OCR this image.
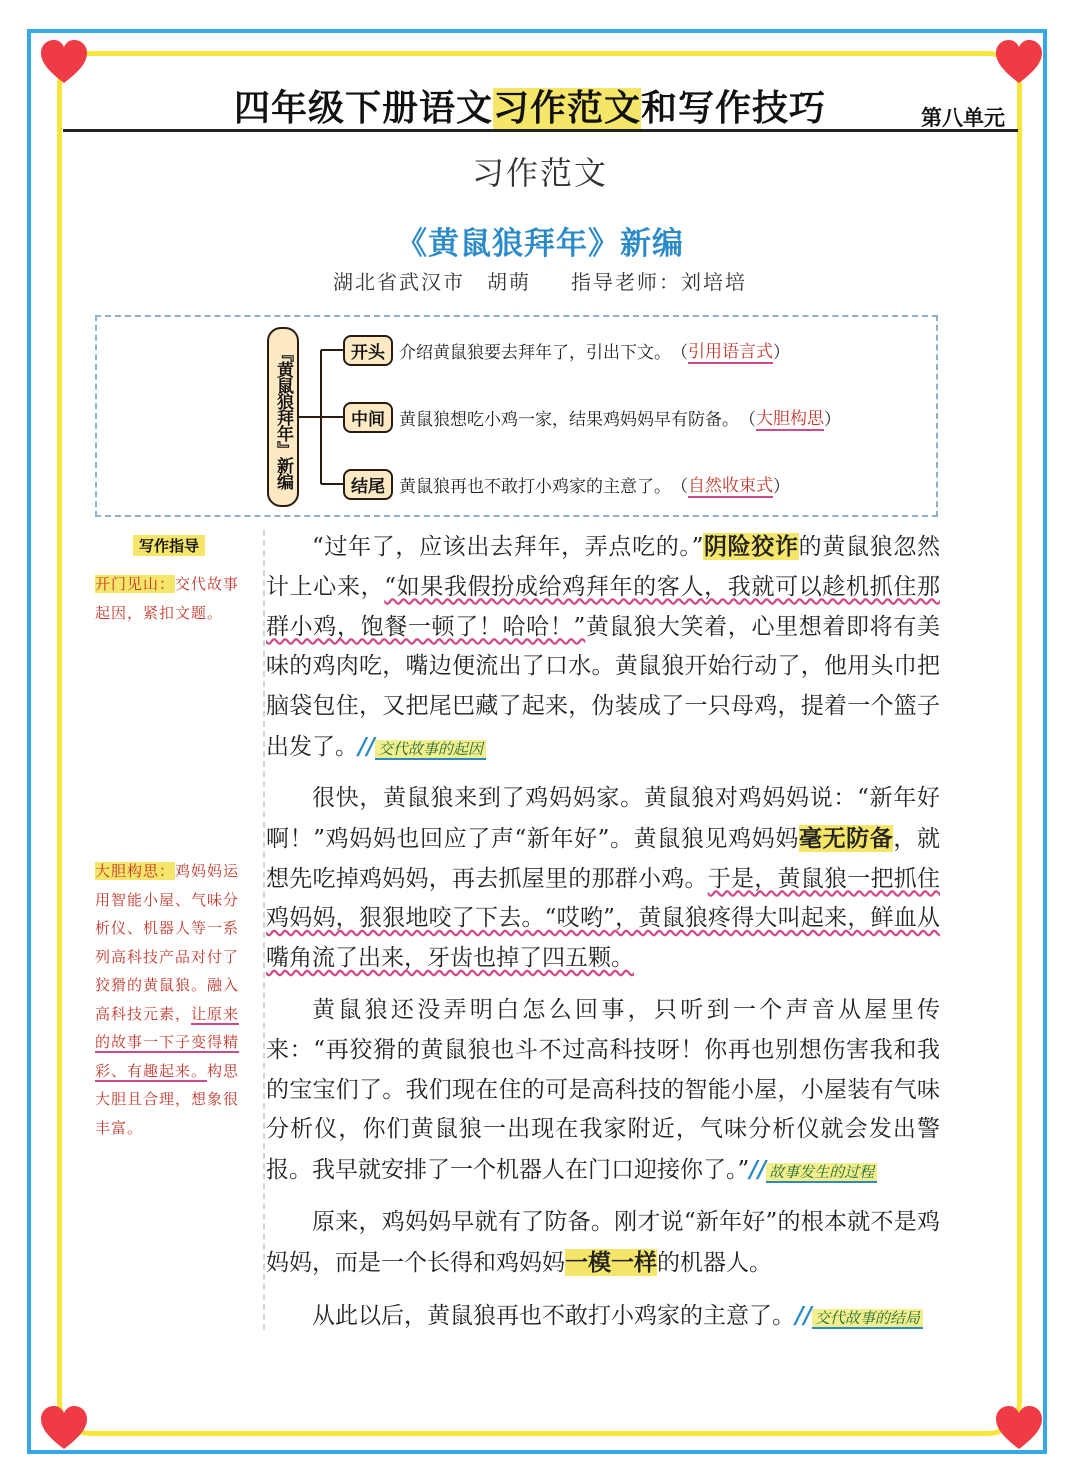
四年级下册语文习作范文和写作技巧	第八单元
习作范文
《黄鼠狼拜年》新编
湖北省武汉市　胡萌 指导老师：刘培培
『黄鼠狼拜年』新编	开头 介绍黄鼠狼要去拜年了，引出下文。 （ 引用语言式 ）
中间 黄鼠狼想吃小鸡一家，结果鸡妈妈早有防备。 （ 大胆构思 ）
结尾 黄鼠狼再也不敢打小鸡家的主意了。 （ 自然收束式 ）
写作指导
开门见山：交代故事起因，紧扣文题。
大胆构思：鸡妈妈运用智能小屋、气味分析仪、机器人等一系列高科技产品对付了狡猾的黄鼠狼。融入高科技元素，让原来的故事一下子变得精彩、有趣起来。构思大胆且合理，想象很丰富。
“过年了，应该出去拜年，弄点吃的。”阴险狡诈的黄鼠狼忽然计上心来，“如果我假扮成给鸡拜年的客人，我就可以趁机抓住那群小鸡，饱餐一顿了！哈哈！”黄鼠狼大笑着，心里想着即将有美味的鸡肉吃，嘴边便流出了口水。黄鼠狼开始行动了，他用头巾把脑袋包住，又把尾巴藏了起来，伪装成了一只母鸡，提着一个篮子出发了。// 交代故事的起因
很快，黄鼠狼来到了鸡妈妈家。黄鼠狼对鸡妈妈说：“新年好啊！”鸡妈妈也回应了声“新年好”。黄鼠狼见鸡妈妈毫无防备，就想先吃掉鸡妈妈，再去抓屋里的那群小鸡。于是，黄鼠狼一把抓住鸡妈妈，狠狠地咬了下去。“哎哟”，黄鼠狼疼得大叫起来，鲜血从嘴角流了出来，牙齿也掉了四五颗。
黄鼠狼还没弄明白怎么回事，只听到一个声音从屋里传来：“再狡猾的黄鼠狼也斗不过高科技呀！你再也别想伤害我和我的宝宝们了。我们现在住的可是高科技的智能小屋，小屋装有气味分析仪，你们黄鼠狼一出现在我家附近，气味分析仪就会发出警报。我早就安排了一个机器人在门口迎接你了。”// 故事发生的过程
原来，鸡妈妈早就有了防备。刚才说“新年好”的根本就不是鸡妈妈，而是一个长得和鸡妈妈一模一样的机器人。
从此以后，黄鼠狼再也不敢打小鸡家的主意了。// 交代故事的结局
